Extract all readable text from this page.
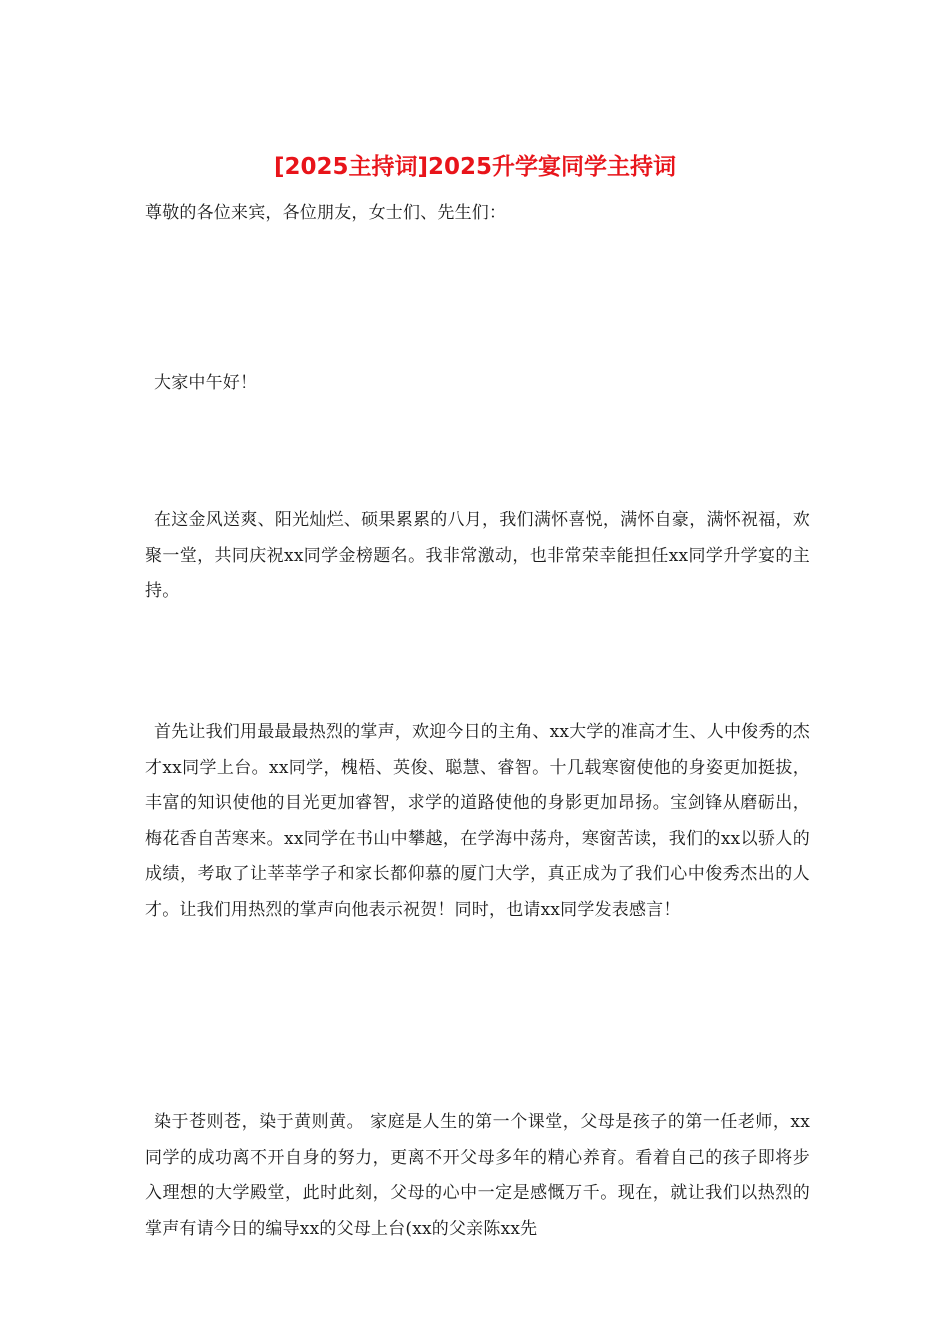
[2025主持词]2025升学宴同学主持词

尊敬的各位来宾，各位朋友，女士们、先生们：

大家中午好！

在这金风送爽、阳光灿烂、硕果累累的八月，我们满怀喜悦，满怀自豪，满怀祝福，欢聚一堂，共同庆祝xx同学金榜题名。我非常激动，也非常荣幸能担任xx同学升学宴的主持。

首先让我们用最最最热烈的掌声，欢迎今日的主角、xx大学的准高才生、人中俊秀的杰才xx同学上台。xx同学，槐梧、英俊、聪慧、睿智。十几载寒窗使他的身姿更加挺拔，丰富的知识使他的目光更加睿智，求学的道路使他的身影更加昂扬。宝剑锋从磨砺出，梅花香自苦寒来。xx同学在书山中攀越，在学海中荡舟，寒窗苦读，我们的xx以骄人的成绩，考取了让莘莘学子和家长都仰慕的厦门大学，真正成为了我们心中俊秀杰出的人才。让我们用热烈的掌声向他表示祝贺！同时，也请xx同学发表感言！

染于苍则苍，染于黄则黄。 家庭是人生的第一个课堂，父母是孩子的第一任老师，xx同学的成功离不开自身的努力，更离不开父母多年的精心养育。看着自己的孩子即将步入理想的大学殿堂，此时此刻，父母的心中一定是感慨万千。现在，就让我们以热烈的掌声有请今日的编导xx的父母上台(xx的父亲陈xx先
